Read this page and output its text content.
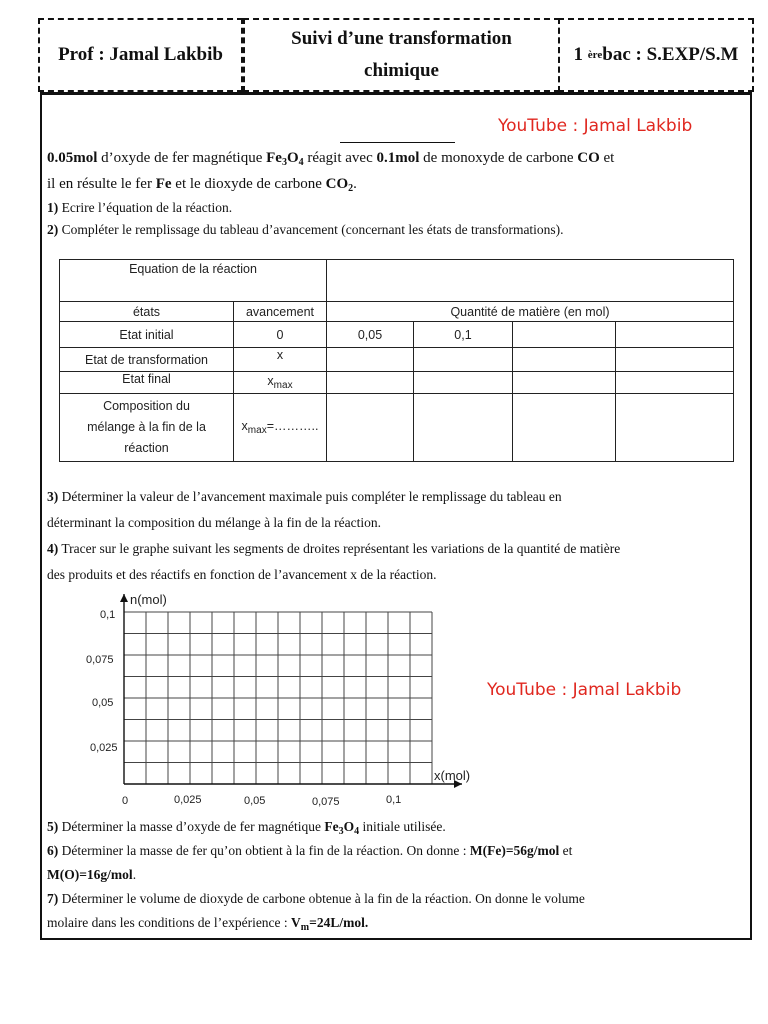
Prof : Jamal Lakbib
Suivi d’une transformation
chimique
1
ère bac : S.EXP/S.M
YouTube : Jamal Lakbib
0.05mol d’oxyde de fer magnétique $Fe_3O_4$ réagit avec 0.1mol de monoxyde de carbone CO et
il en résulte le fer Fe et le dioxyde de carbone $CO_2$.
1) Ecrire l’équation de la réaction.
2) Compléter le remplissage du tableau d’avancement (concernant les états de transformations).
Equation de la réaction					
états	avancement	Quantité de matière (en mol)			
Etat initial	0	0,05	0,1		
Etat de transformation	x				
Etat final	$x_{max}$				
Composition du mélange à la fin de la réaction	$x_{max}=\dots\dots\dots$..				
3) Déterminer la valeur de l’avancement maximale puis compléter le remplissage du tableau en
déterminant la composition du mélange à la fin de la réaction.
4) Tracer sur le graphe suivant les segments de droites représentant les variations de la quantité de matière
des produits et des réactifs en fonction de l’avancement x de la réaction.
n(mol)
x(mol)
0,1
0,075
0,05
0,025
0	0,025	0,05	0,075	0,1
YouTube : Jamal Lakbib
5) Déterminer la masse d’oxyde de fer magnétique $Fe_3O_4$ initiale utilisée.
6) Déterminer la masse de fer qu’on obtient à la fin de la réaction. On donne : M(Fe)=56g/mol et
M(O)=16g/mol.
7) Déterminer le volume de dioxyde de carbone obtenue à la fin de la réaction. On donne le volume
molaire dans les conditions de l’expérience : $V_m=24L$/mol.
